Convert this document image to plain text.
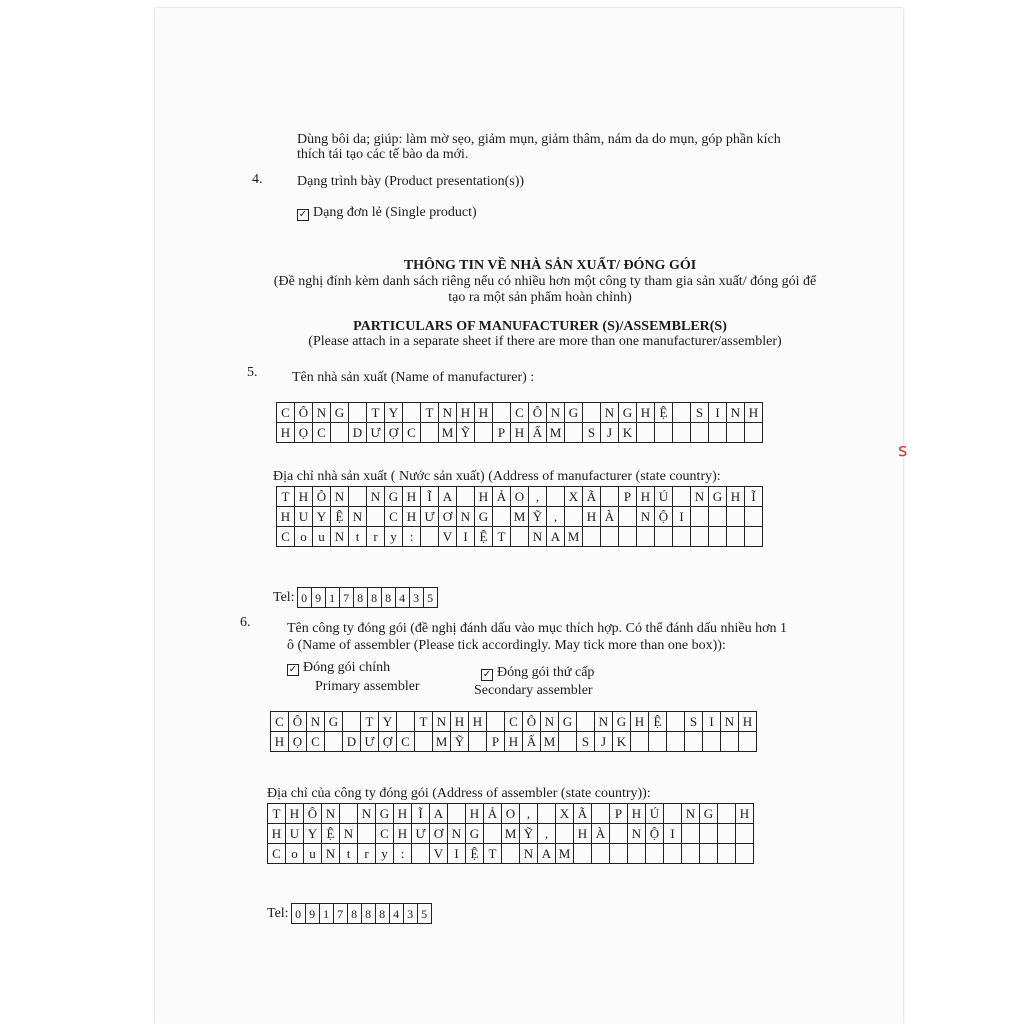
Dùng bôi da; giúp: làm mờ sẹo, giảm mụn, giảm thâm, nám da do mụn, góp phần kích
thích tái tạo các tế bào da mới.
4. Dạng trình bày (Product presentation(s))
✓ Dạng đơn lẻ (Single product)
THÔNG TIN VỀ NHÀ SẢN XUẤT/ ĐÓNG GÓI
(Đề nghị đính kèm danh sách riêng nếu có nhiều hơn một công ty tham gia sản xuất/ đóng gói để
tạo ra một sản phẩm hoàn chỉnh)
PARTICULARS OF MANUFACTURER (S)/ASSEMBLER(S)
(Please attach in a separate sheet if there are more than one manufacturer/assembler)
5. Tên nhà sản xuất (Name of manufacturer) :
C Ô N G	T Y	T N H H	C Ô N G	N G H Ệ	S I N H
H Ọ C	D Ư Ợ C	M Ỹ	P H Ẩ M	S J K
Địa chỉ nhà sản xuất ( Nước sản xuất) (Address of manufacturer (state country):
T H Ô N	N G H Ĩ A	H Ả O ,	X Ã	P H Ú	N G H Ĩ
H U Y Ệ N	C H Ư Ơ N G	M Ỹ ,	H À	N Ộ I
C o u N t	r y :	V I Ệ T	N A M
Tel: 0 9 1 7 8 8 8 4 3 5
6.	Tên công ty đóng gói (đề nghị đánh dấu vào mục thích hợp. Có thể đánh dấu nhiều hơn 1
ô (Name of assembler (Please tick accordingly. May tick more than one box)):
✓ Đóng gói chính
Primary assembler
✓ Đóng gói thứ cấp
Secondary assembler
C Ô N G	T Y	T N H H	C Ô N G	N G H Ệ	S I N H
H Ọ C	D Ư Ợ C	M Ỹ	P H Ẩ M	S J K
Địa chỉ của công ty đóng gói (Address of assembler (state country)):
T H Ô N	N G H Ĩ A	H Ả O ,	X Ã	P H Ú	N G	H
H U Y Ệ N	C H Ư Ơ N G	M Ỹ ,	H À	N Ộ I
C o u N t	r y :	V I Ệ T	N A M
Tel: 0 9 1 7 8 8 8 4 3 5
s
